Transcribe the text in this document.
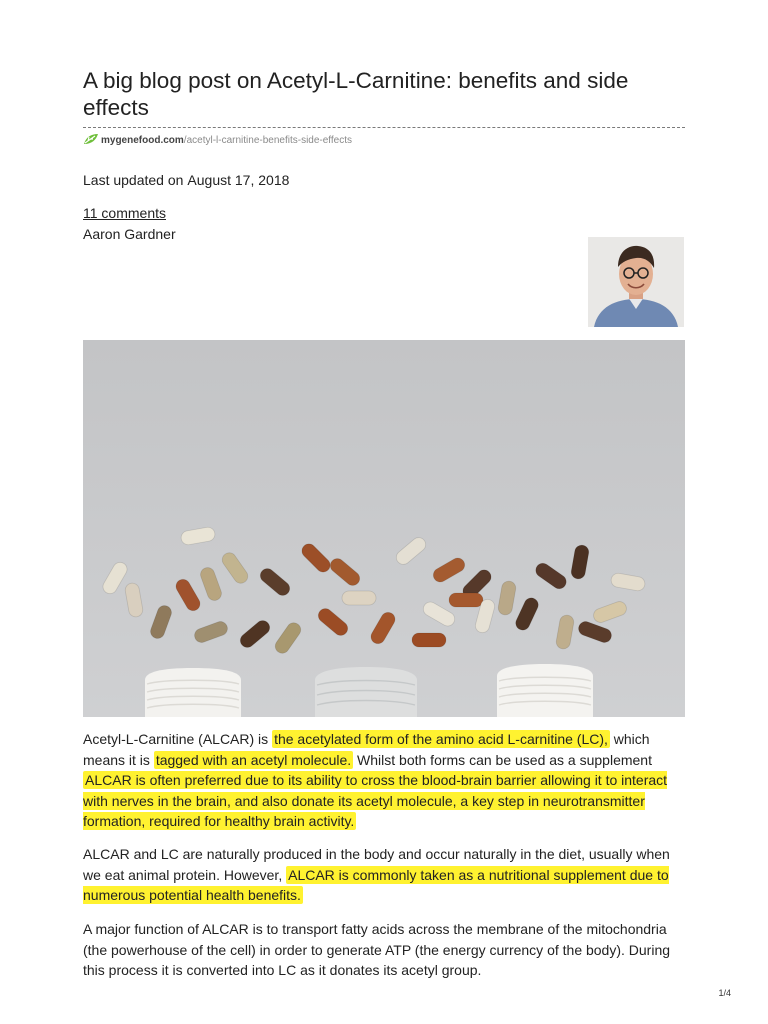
A big blog post on Acetyl-L-Carnitine: benefits and side effects
mygenefood.com/acetyl-l-carnitine-benefits-side-effects
Last updated on August 17, 2018
11 comments
Aaron Gardner

Acetyl-L-Carnitine (ALCAR) is the acetylated form of the amino acid L-carnitine (LC), which means it is tagged with an acetyl molecule. Whilst both forms can be used as a supplement ALCAR is often preferred due to its ability to cross the blood-brain barrier allowing it to interact with nerves in the brain, and also donate its acetyl molecule, a key step in neurotransmitter formation, required for healthy brain activity.

ALCAR and LC are naturally produced in the body and occur naturally in the diet, usually when we eat animal protein. However, ALCAR is commonly taken as a nutritional supplement due to numerous potential health benefits.

A major function of ALCAR is to transport fatty acids across the membrane of the mitochondria (the powerhouse of the cell) in order to generate ATP (the energy currency of the body). During this process it is converted into LC as it donates its acetyl group.

1/4
